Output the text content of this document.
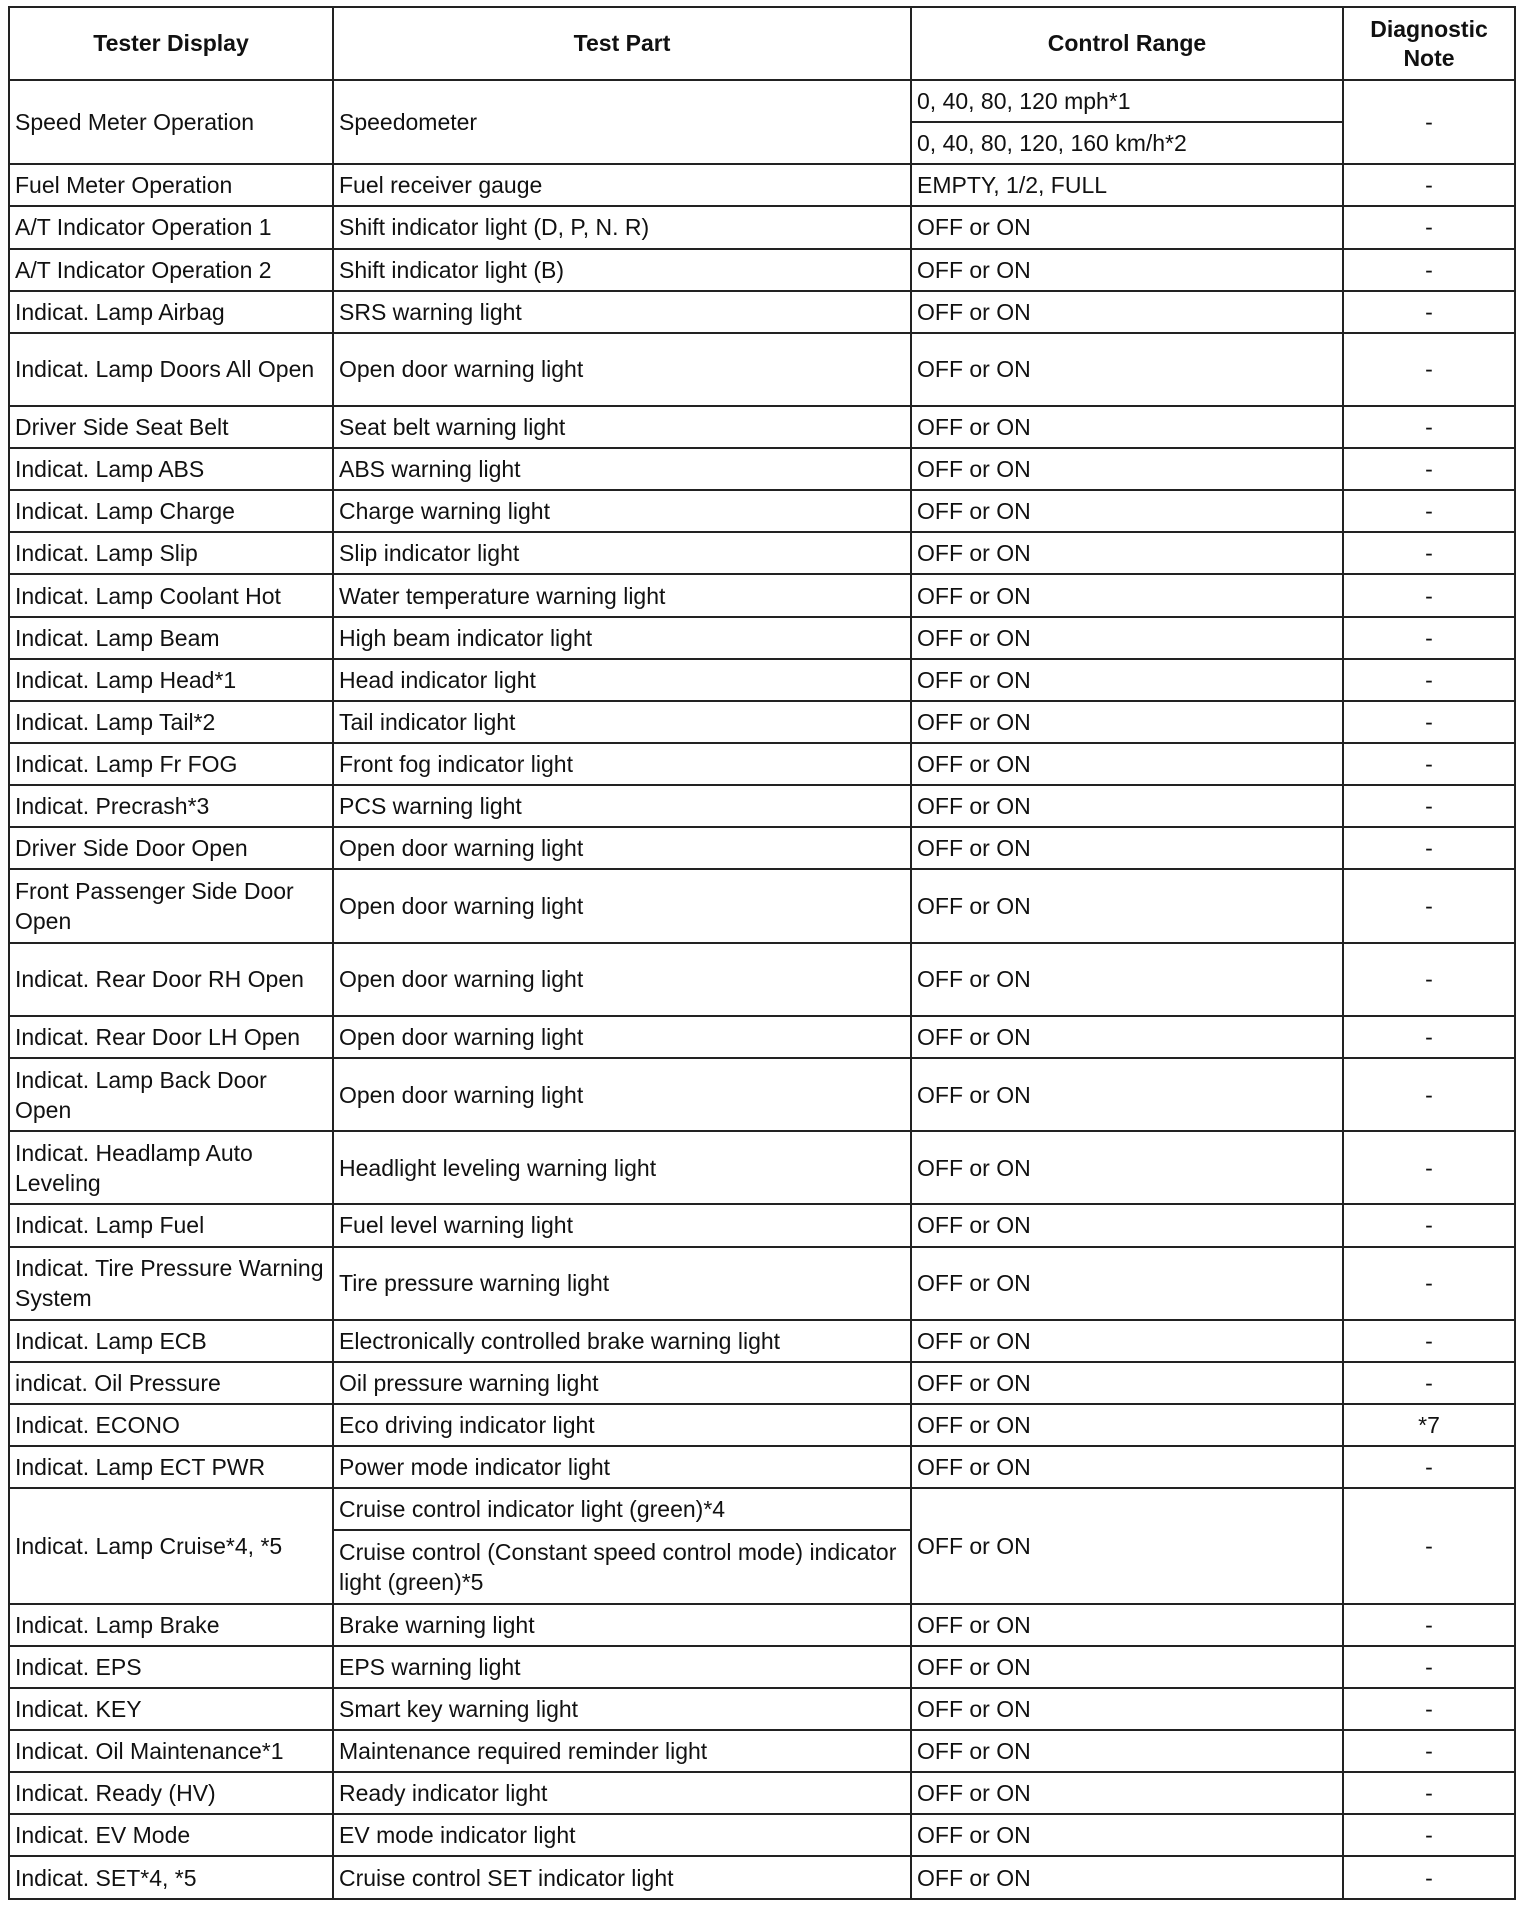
Tester Display	Test Part	Control Range	Diagnostic Note
Speed Meter Operation	Speedometer	0, 40, 80, 120 mph*1	-
		0, 40, 80, 120, 160 km/h*2	
Fuel Meter Operation	Fuel receiver gauge	EMPTY, 1/2, FULL	-
A/T Indicator Operation 1	Shift indicator light (D, P, N. R)	OFF or ON	-
A/T Indicator Operation 2	Shift indicator light (B)	OFF or ON	-
Indicat. Lamp Airbag	SRS warning light	OFF or ON	-
Indicat. Lamp Doors All Open	Open door warning light	OFF or ON	-
Driver Side Seat Belt	Seat belt warning light	OFF or ON	-
Indicat. Lamp ABS	ABS warning light	OFF or ON	-
Indicat. Lamp Charge	Charge warning light	OFF or ON	-
Indicat. Lamp Slip	Slip indicator light	OFF or ON	-
Indicat. Lamp Coolant Hot	Water temperature warning light	OFF or ON	-
Indicat. Lamp Beam	High beam indicator light	OFF or ON	-
Indicat. Lamp Head*1	Head indicator light	OFF or ON	-
Indicat. Lamp Tail*2	Tail indicator light	OFF or ON	-
Indicat. Lamp Fr FOG	Front fog indicator light	OFF or ON	-
Indicat. Precrash*3	PCS warning light	OFF or ON	-
Driver Side Door Open	Open door warning light	OFF or ON	-
Front Passenger Side Door Open	Open door warning light	OFF or ON	-
Indicat. Rear Door RH Open	Open door warning light	OFF or ON	-
Indicat. Rear Door LH Open	Open door warning light	OFF or ON	-
Indicat. Lamp Back Door Open	Open door warning light	OFF or ON	-
Indicat. Headlamp Auto Leveling	Headlight leveling warning light	OFF or ON	-
Indicat. Lamp Fuel	Fuel level warning light	OFF or ON	-
Indicat. Tire Pressure Warning System	Tire pressure warning light	OFF or ON	-
Indicat. Lamp ECB	Electronically controlled brake warning light	OFF or ON	-
indicat. Oil Pressure	Oil pressure warning light	OFF or ON	-
Indicat. ECONO	Eco driving indicator light	OFF or ON	*7
Indicat. Lamp ECT PWR	Power mode indicator light	OFF or ON	-
Indicat. Lamp Cruise*4, *5	Cruise control indicator light (green)*4	OFF or ON	-
	Cruise control (Constant speed control mode) indicator light (green)*5		
Indicat. Lamp Brake	Brake warning light	OFF or ON	-
Indicat. EPS	EPS warning light	OFF or ON	-
Indicat. KEY	Smart key warning light	OFF or ON	-
Indicat. Oil Maintenance*1	Maintenance required reminder light	OFF or ON	-
Indicat. Ready (HV)	Ready indicator light	OFF or ON	-
Indicat. EV Mode	EV mode indicator light	OFF or ON	-
Indicat. SET*4, *5	Cruise control SET indicator light	OFF or ON	-
